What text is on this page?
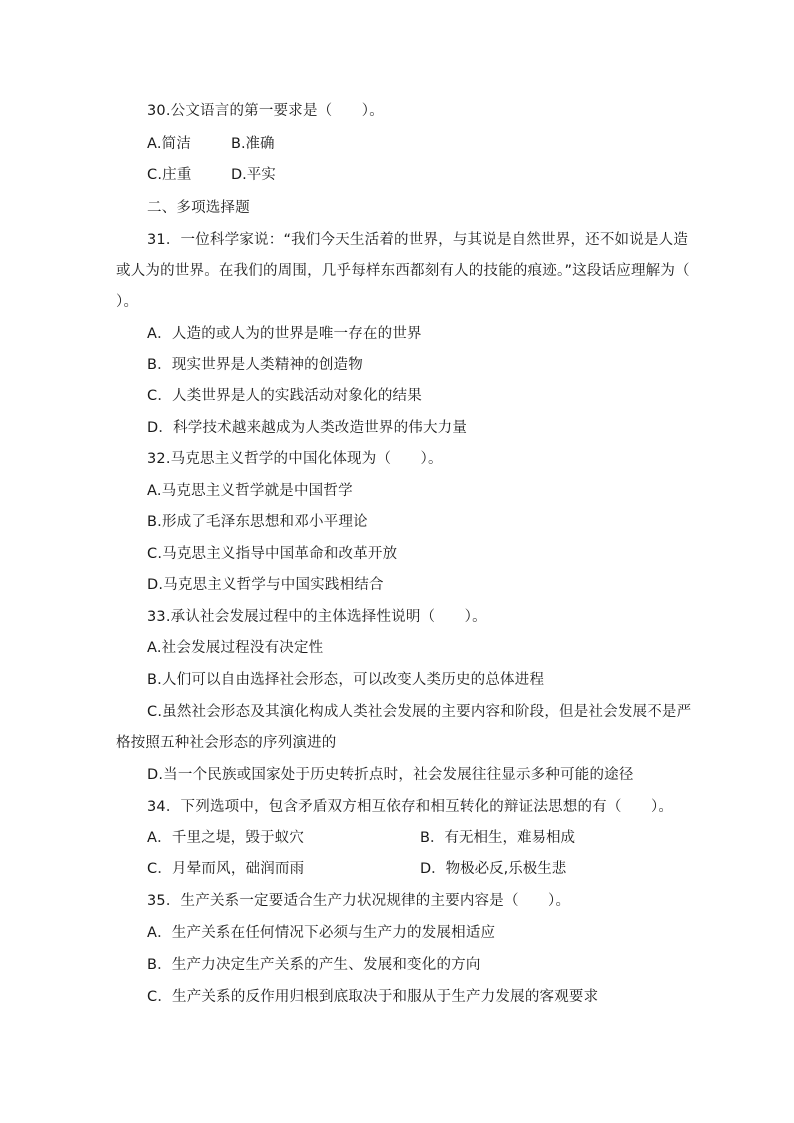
30.公文语言的第一要求是（　　）。
A.简洁	B.准确
C.庄重	D.平实
二、多项选择题
31．一位科学家说：“我们今天生活着的世界，与其说是自然世界，还不如说是人造
或人为的世界。在我们的周围，几乎每样东西都刻有人的技能的痕迹。”这段话应理解为（
）。
A．人造的或人为的世界是唯一存在的世界
B．现实世界是人类精神的创造物
C．人类世界是人的实践活动对象化的结果
D．科学技术越来越成为人类改造世界的伟大力量
32.马克思主义哲学的中国化体现为（　　）。
A.马克思主义哲学就是中国哲学
B.形成了毛泽东思想和邓小平理论
C.马克思主义指导中国革命和改革开放
D.马克思主义哲学与中国实践相结合
33.承认社会发展过程中的主体选择性说明（　　）。
A.社会发展过程没有决定性
B.人们可以自由选择社会形态，可以改变人类历史的总体进程
C.虽然社会形态及其演化构成人类社会发展的主要内容和阶段，但是社会发展不是严
格按照五种社会形态的序列演进的
D.当一个民族或国家处于历史转折点时，社会发展往往显示多种可能的途径
34．下列选项中，包含矛盾双方相互依存和相互转化的辩证法思想的有（　　）。
A．千里之堤，毁于蚁穴	B．有无相生，难易相成
C．月晕而风，础润而雨	D．物极必反,乐极生悲
35．生产关系一定要适合生产力状况规律的主要内容是（　　）。
A．生产关系在任何情况下必须与生产力的发展相适应
B．生产力决定生产关系的产生、发展和变化的方向
C．生产关系的反作用归根到底取决于和服从于生产力发展的客观要求
